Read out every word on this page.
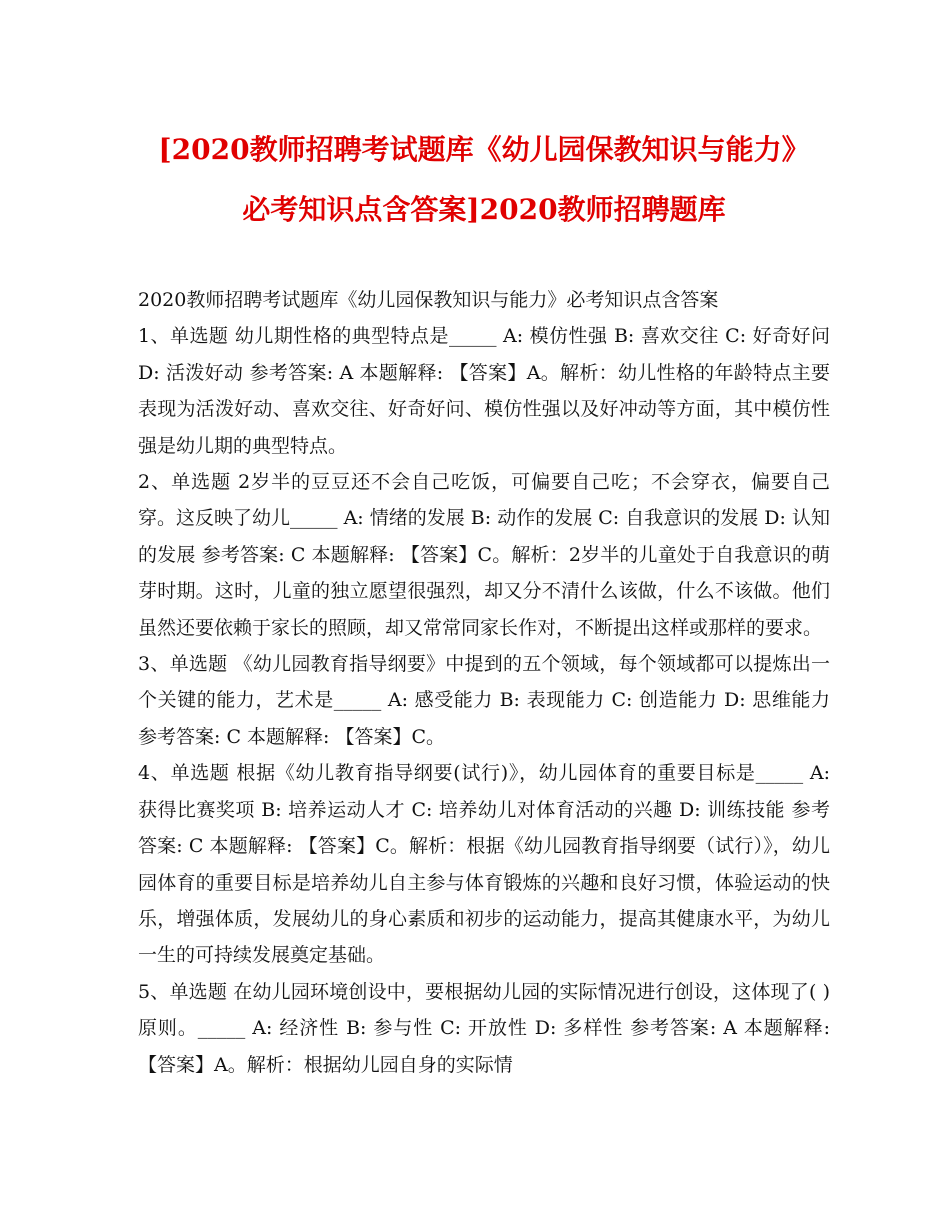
[2020教师招聘考试题库《幼儿园保教知识与能力》
必考知识点含答案]2020教师招聘题库

2020教师招聘考试题库《幼儿园保教知识与能力》必考知识点含答案

1、单选题 幼儿期性格的典型特点是_____ A: 模仿性强 B: 喜欢交往 C: 好奇好问 D: 活泼好动 参考答案: A 本题解释: 【答案】A。解析：幼儿性格的年龄特点主要表现为活泼好动、喜欢交往、好奇好问、模仿性强以及好冲动等方面，其中模仿性强是幼儿期的典型特点。

2、单选题 2岁半的豆豆还不会自己吃饭，可偏要自己吃；不会穿衣，偏要自己穿。这反映了幼儿_____ A: 情绪的发展 B: 动作的发展 C: 自我意识的发展 D: 认知的发展 参考答案: C 本题解释: 【答案】C。解析：2岁半的儿童处于自我意识的萌芽时期。这时，儿童的独立愿望很强烈，却又分不清什么该做，什么不该做。他们虽然还要依赖于家长的照顾，却又常常同家长作对，不断提出这样或那样的要求。

3、单选题 《幼儿园教育指导纲要》中提到的五个领域，每个领域都可以提炼出一个关键的能力，艺术是_____ A: 感受能力 B: 表现能力 C: 创造能力 D: 思维能力 参考答案: C 本题解释: 【答案】C。

4、单选题 根据《幼儿教育指导纲要(试行)》，幼儿园体育的重要目标是_____ A: 获得比赛奖项 B: 培养运动人才 C: 培养幼儿对体育活动的兴趣 D: 训练技能 参考答案: C 本题解释: 【答案】C。解析：根据《幼儿园教育指导纲要（试行）》，幼儿园体育的重要目标是培养幼儿自主参与体育锻炼的兴趣和良好习惯，体验运动的快乐，增强体质，发展幼儿的身心素质和初步的运动能力，提高其健康水平，为幼儿一生的可持续发展奠定基础。

5、单选题 在幼儿园环境创设中，要根据幼儿园的实际情况进行创设，这体现了( )原则。_____ A: 经济性 B: 参与性 C: 开放性 D: 多样性 参考答案: A 本题解释: 【答案】A。解析：根据幼儿园自身的实际情
